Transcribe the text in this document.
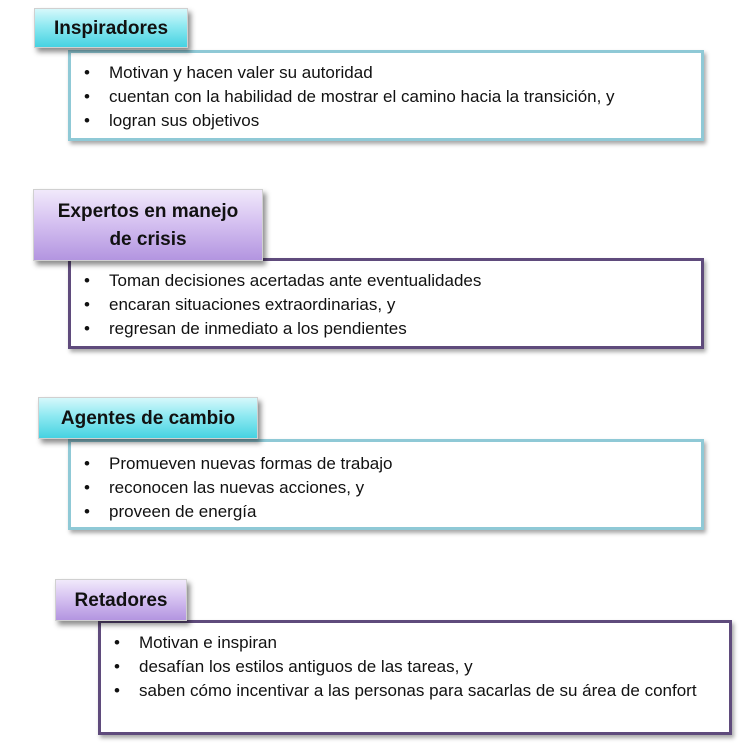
• Motivan y hacen valer su autoridad
• cuentan con la habilidad de mostrar el camino hacia la transición, y
• logran sus objetivos
Inspiradores
• Toman decisiones acertadas ante eventualidades
• encaran situaciones extraordinarias, y
• regresan de inmediato a los pendientes
Expertos en manejo
de crisis
• Promueven nuevas formas de trabajo
• reconocen las nuevas acciones, y
• proveen de energía
Agentes de cambio
• Motivan e inspiran
• desafían los estilos antiguos de las tareas, y
• saben cómo incentivar a las personas para sacarlas de su área de confort
Retadores
